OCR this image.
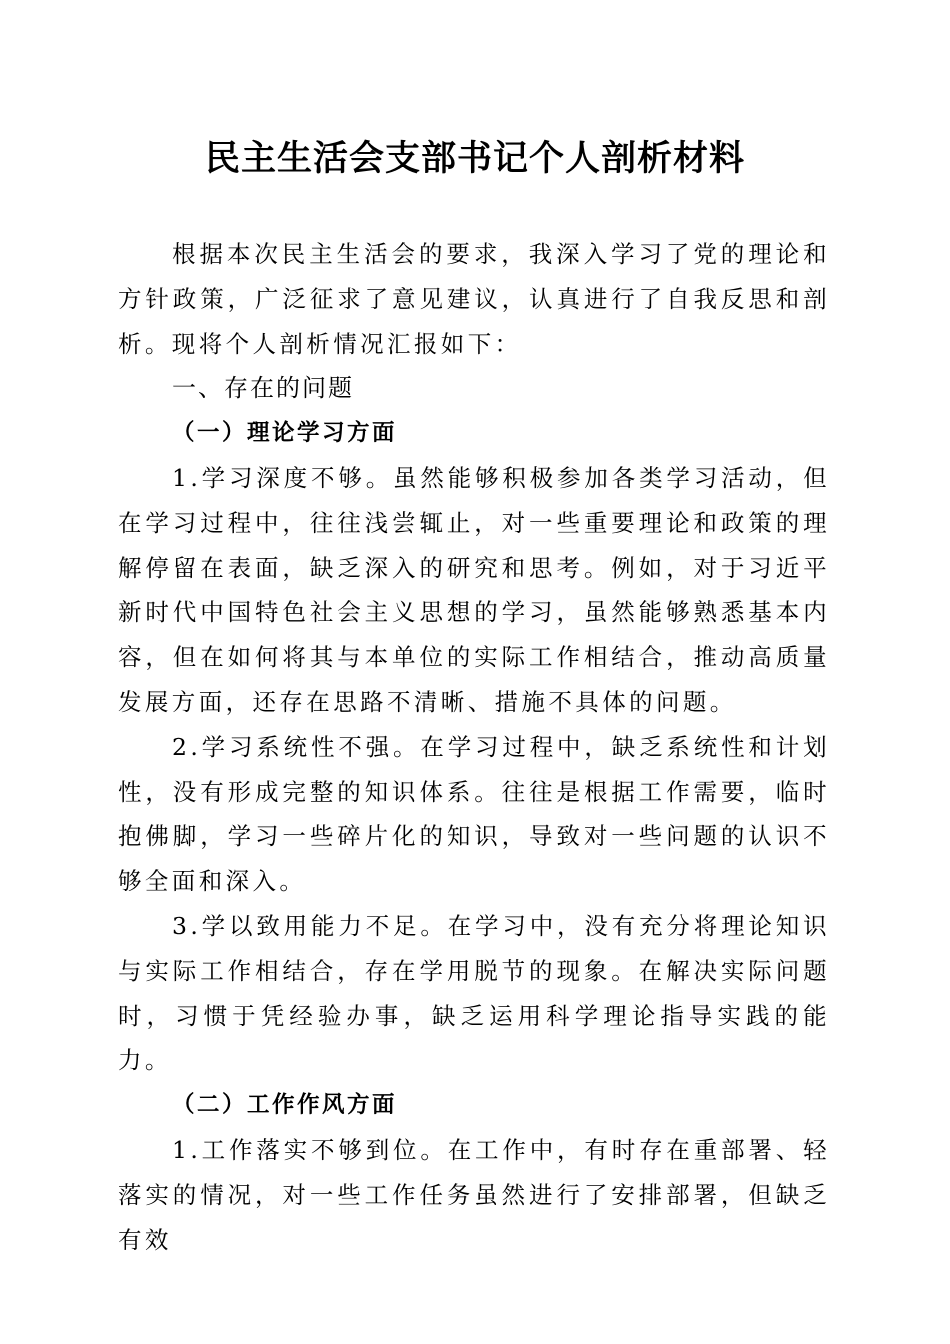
民主生活会支部书记个人剖析材料

根据本次民主生活会的要求，我深入学习了党的理论和方针政策，广泛征求了意见建议，认真进行了自我反思和剖析。现将个人剖析情况汇报如下：

一、存在的问题
（一）理论学习方面

1.学习深度不够。虽然能够积极参加各类学习活动，但在学习过程中，往往浅尝辄止，对一些重要理论和政策的理解停留在表面，缺乏深入的研究和思考。例如，对于习近平新时代中国特色社会主义思想的学习，虽然能够熟悉基本内容，但在如何将其与本单位的实际工作相结合，推动高质量发展方面，还存在思路不清晰、措施不具体的问题。

2.学习系统性不强。在学习过程中，缺乏系统性和计划性，没有形成完整的知识体系。往往是根据工作需要，临时抱佛脚，学习一些碎片化的知识，导致对一些问题的认识不够全面和深入。

3.学以致用能力不足。在学习中，没有充分将理论知识与实际工作相结合，存在学用脱节的现象。在解决实际问题时，习惯于凭经验办事，缺乏运用科学理论指导实践的能力。

（二）工作作风方面

1.工作落实不够到位。在工作中，有时存在重部署、轻落实的情况，对一些工作任务虽然进行了安排部署，但缺乏有效
